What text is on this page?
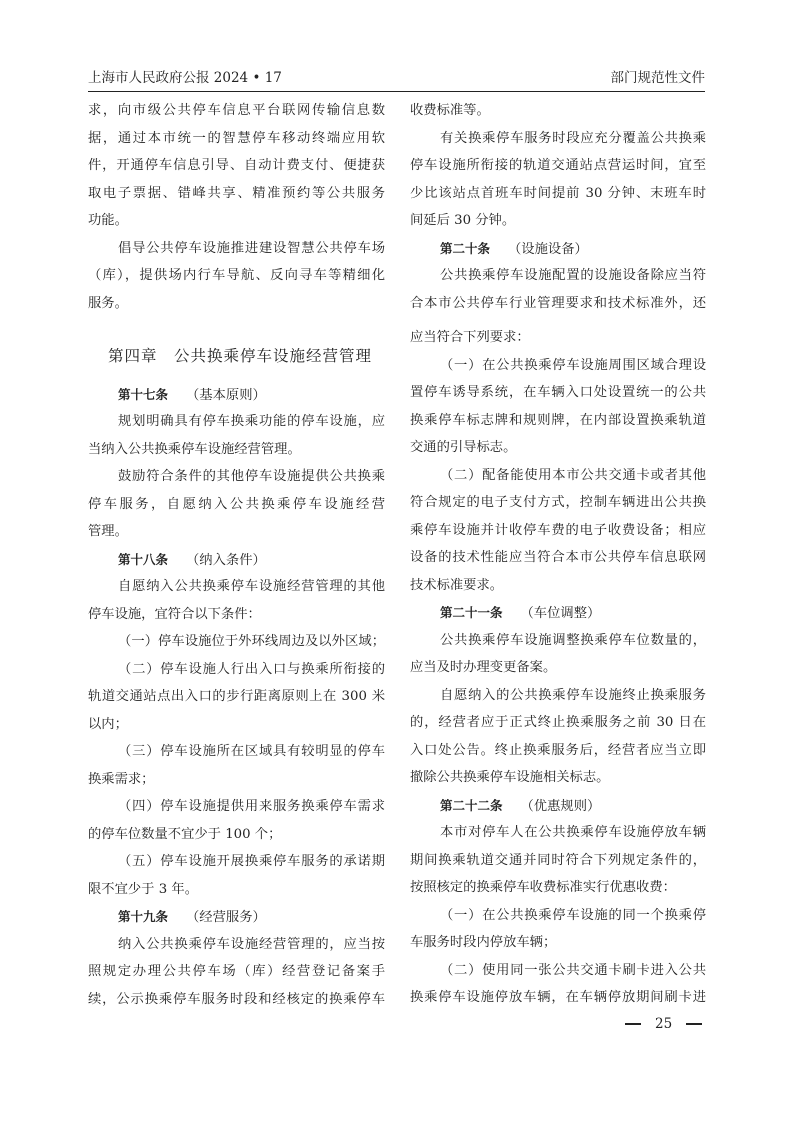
上海市人民政府公报 2024 • 17	部门规范性文件
求，向市级公共停车信息平台联网传输信息数
据，通过本市统一的智慧停车移动终端应用软
件，开通停车信息引导、自动计费支付、便捷获
取电子票据、错峰共享、精准预约等公共服务
功能。
倡导公共停车设施推进建设智慧公共停车场
（库），提供场内行车导航、反向寻车等精细化
服务。
第四章　公共换乘停车设施经营管理
第十七条 （基本原则）
规划明确具有停车换乘功能的停车设施，应
当纳入公共换乘停车设施经营管理。
鼓励符合条件的其他停车设施提供公共换乘
停车服务，自愿纳入公共换乘停车设施经营
管理。
第十八条 （纳入条件）
自愿纳入公共换乘停车设施经营管理的其他
停车设施，宜符合以下条件：
（一）停车设施位于外环线周边及以外区域；
（二）停车设施人行出入口与换乘所衔接的
轨道交通站点出入口的步行距离原则上在 300 米
以内；
（三）停车设施所在区域具有较明显的停车
换乘需求；
（四）停车设施提供用来服务换乘停车需求
的停车位数量不宜少于 100 个；
（五）停车设施开展换乘停车服务的承诺期
限不宜少于 3 年。
第十九条 （经营服务）
纳入公共换乘停车设施经营管理的，应当按
照规定办理公共停车场（库）经营登记备案手
续，公示换乘停车服务时段和经核定的换乘停车
收费标准等。
有关换乘停车服务时段应充分覆盖公共换乘
停车设施所衔接的轨道交通站点营运时间，宜至
少比该站点首班车时间提前 30 分钟、末班车时
间延后 30 分钟。
第二十条 （设施设备）
公共换乘停车设施配置的设施设备除应当符
合本市公共停车行业管理要求和技术标准外，还
应当符合下列要求：
（一）在公共换乘停车设施周围区域合理设
置停车诱导系统，在车辆入口处设置统一的公共
换乘停车标志牌和规则牌，在内部设置换乘轨道
交通的引导标志。
（二）配备能使用本市公共交通卡或者其他
符合规定的电子支付方式，控制车辆进出公共换
乘停车设施并计收停车费的电子收费设备；相应
设备的技术性能应当符合本市公共停车信息联网
技术标准要求。
第二十一条 （车位调整）
公共换乘停车设施调整换乘停车位数量的，
应当及时办理变更备案。
自愿纳入的公共换乘停车设施终止换乘服务
的，经营者应于正式终止换乘服务之前 30 日在
入口处公告。终止换乘服务后，经营者应当立即
撤除公共换乘停车设施相关标志。
第二十二条 （优惠规则）
本市对停车人在公共换乘停车设施停放车辆
期间换乘轨道交通并同时符合下列规定条件的，
按照核定的换乘停车收费标准实行优惠收费：
（一）在公共换乘停车设施的同一个换乘停
车服务时段内停放车辆；
（二）使用同一张公共交通卡刷卡进入公共
换乘停车设施停放车辆，在车辆停放期间刷卡进
25
